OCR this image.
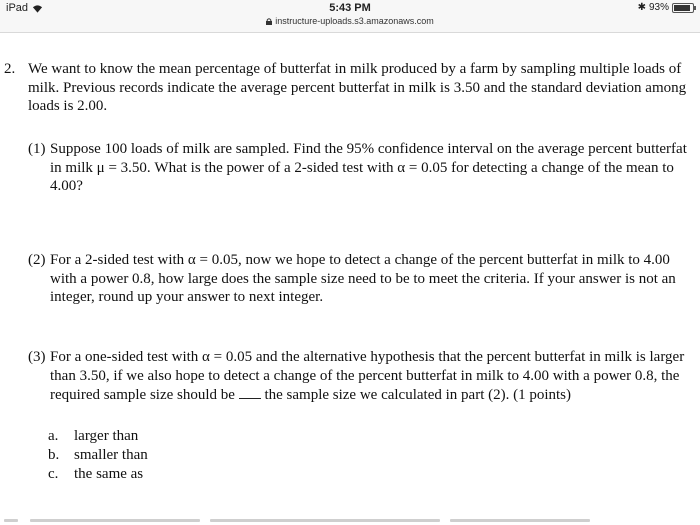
iPad	5:43 PM
instructure-uploads.s3.amazonaws.com
✱ 93%
2. We want to know the mean percentage of butterfat in milk produced by a farm by sampling multiple loads of milk. Previous records indicate the average percent butterfat in milk is 3.50 and the standard deviation among loads is 2.00.
(1) Suppose 100 loads of milk are sampled. Find the 95% confidence interval on the average percent butterfat in milk μ = 3.50. What is the power of a 2-sided test with α = 0.05 for detecting a change of the mean to 4.00?
(2) For a 2-sided test with α = 0.05, now we hope to detect a change of the percent butterfat in milk to 4.00 with a power 0.8, how large does the sample size need to be to meet the criteria. If your answer is not an integer, round up your answer to next integer.
(3) For a one-sided test with α = 0.05 and the alternative hypothesis that the percent butterfat in milk is larger than 3.50, if we also hope to detect a change of the percent butterfat in milk to 4.00 with a power 0.8, the required sample size should be the sample size we calculated in part (2). (1 points)
a. larger than
b. smaller than
c. the same as
